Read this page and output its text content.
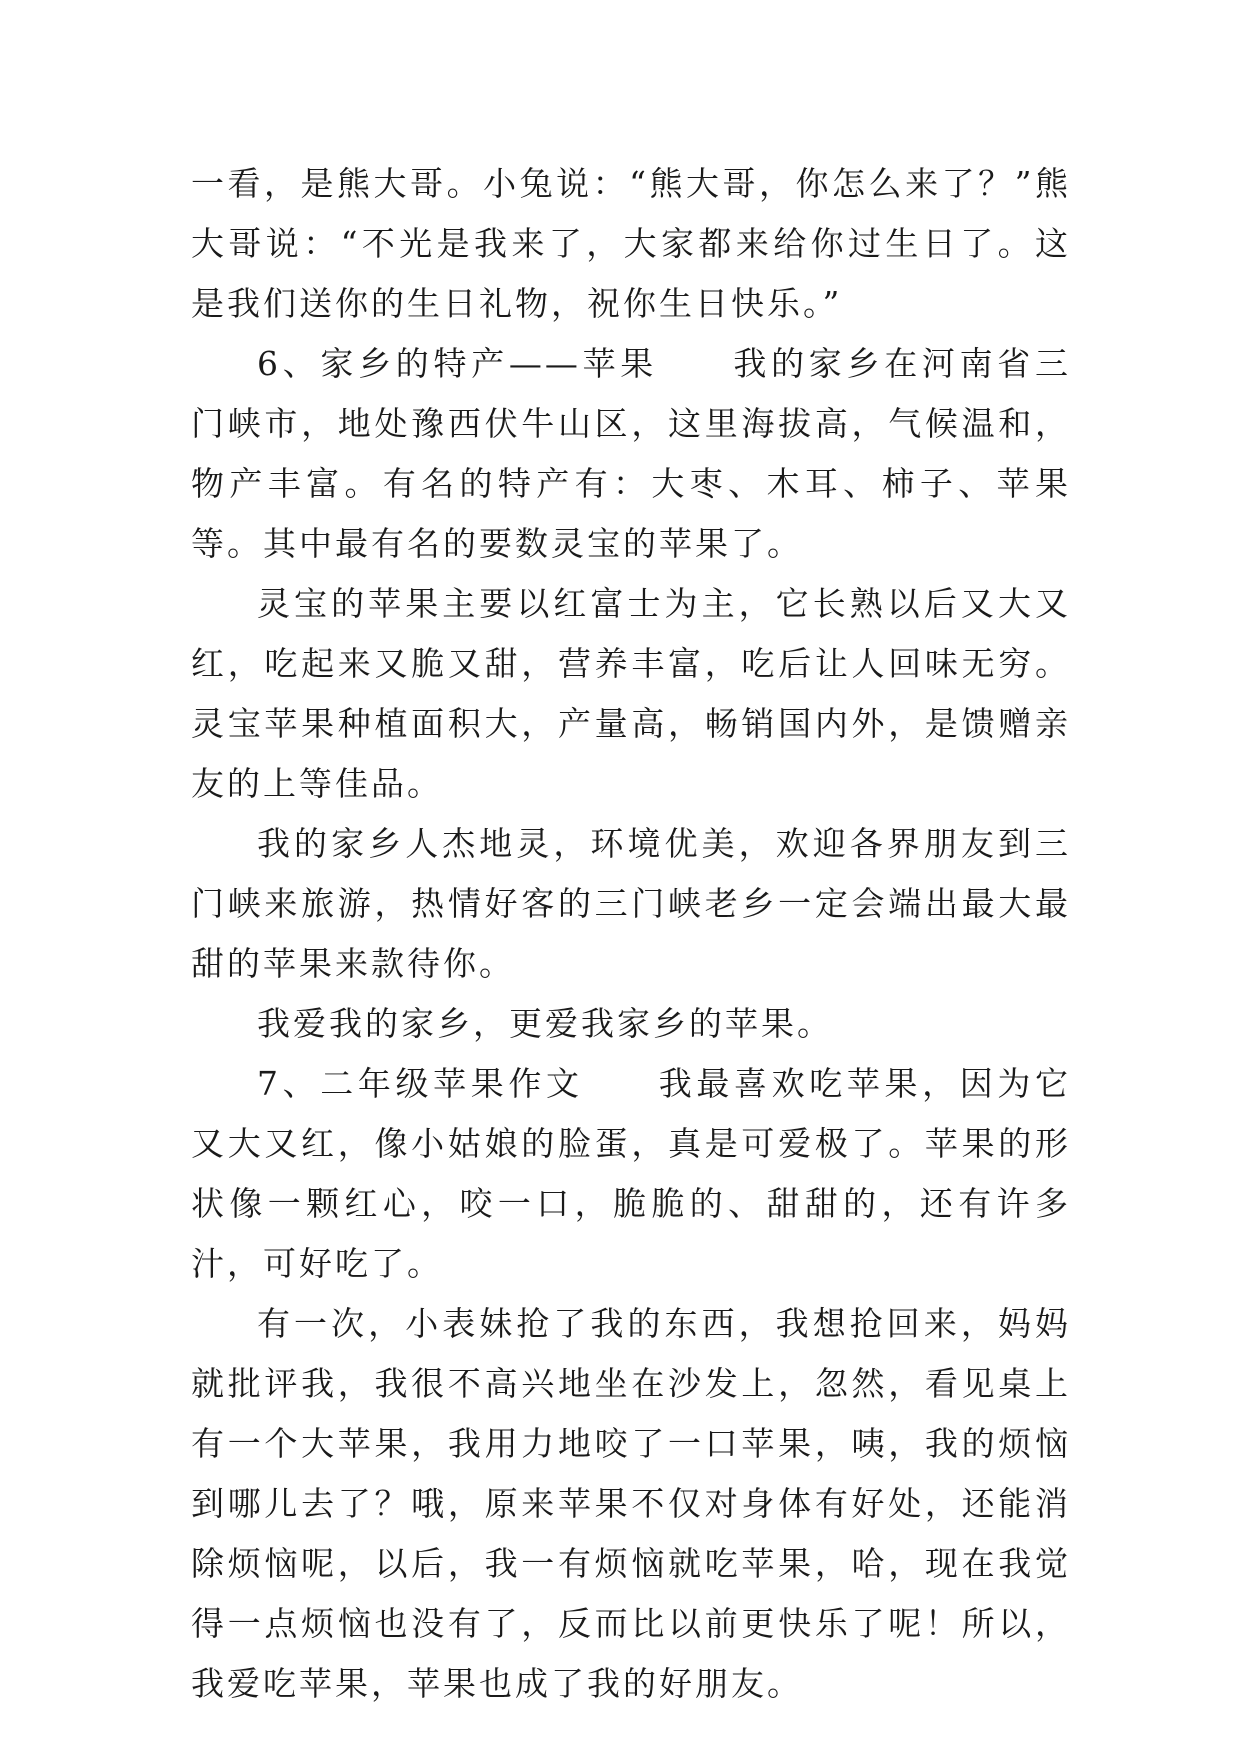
一看，是熊大哥。小兔说：“熊大哥，你怎么来了？”熊大哥说：“不光是我来了，大家都来给你过生日了。这是我们送你的生日礼物，祝你生日快乐。”

6、家乡的特产——苹果　　我的家乡在河南省三门峡市，地处豫西伏牛山区，这里海拔高，气候温和，物产丰富。有名的特产有：大枣、木耳、柿子、苹果等。其中最有名的要数灵宝的苹果了。

灵宝的苹果主要以红富士为主，它长熟以后又大又红，吃起来又脆又甜，营养丰富，吃后让人回味无穷。灵宝苹果种植面积大，产量高，畅销国内外，是馈赠亲友的上等佳品。

我的家乡人杰地灵，环境优美，欢迎各界朋友到三门峡来旅游，热情好客的三门峡老乡一定会端出最大最甜的苹果来款待你。

我爱我的家乡，更爱我家乡的苹果。

7、二年级苹果作文　　我最喜欢吃苹果，因为它又大又红，像小姑娘的脸蛋，真是可爱极了。苹果的形状像一颗红心，咬一口，脆脆的、甜甜的，还有许多汁，可好吃了。

有一次，小表妹抢了我的东西，我想抢回来，妈妈就批评我，我很不高兴地坐在沙发上，忽然，看见桌上有一个大苹果，我用力地咬了一口苹果，咦，我的烦恼到哪儿去了？哦，原来苹果不仅对身体有好处，还能消除烦恼呢，以后，我一有烦恼就吃苹果，哈，现在我觉得一点烦恼也没有了，反而比以前更快乐了呢！所以，我爱吃苹果，苹果也成了我的好朋友。
